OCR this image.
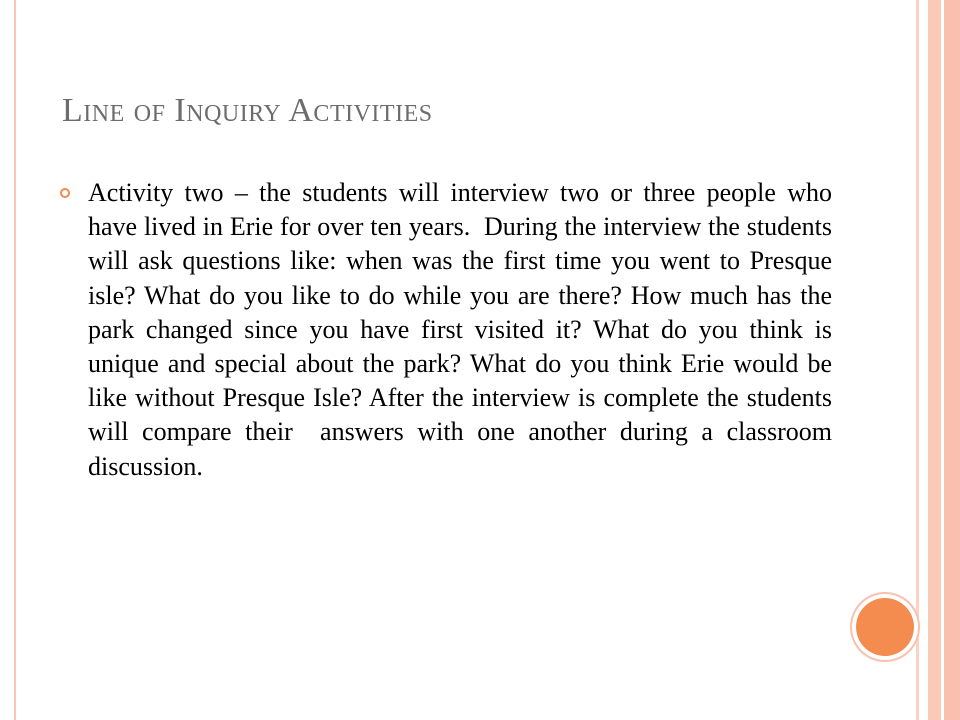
Line of Inquiry Activities

Activity two – the students will interview two or three people who have lived in Erie for over ten years.  During the interview the students will ask questions like: when was the first time you went to Presque isle? What do you like to do while you are there? How much has the park changed since you have first visited it? What do you think is unique and special about the park? What do you think Erie would be like without Presque Isle? After the interview is complete the students will compare their  answers with one another during a classroom discussion.
